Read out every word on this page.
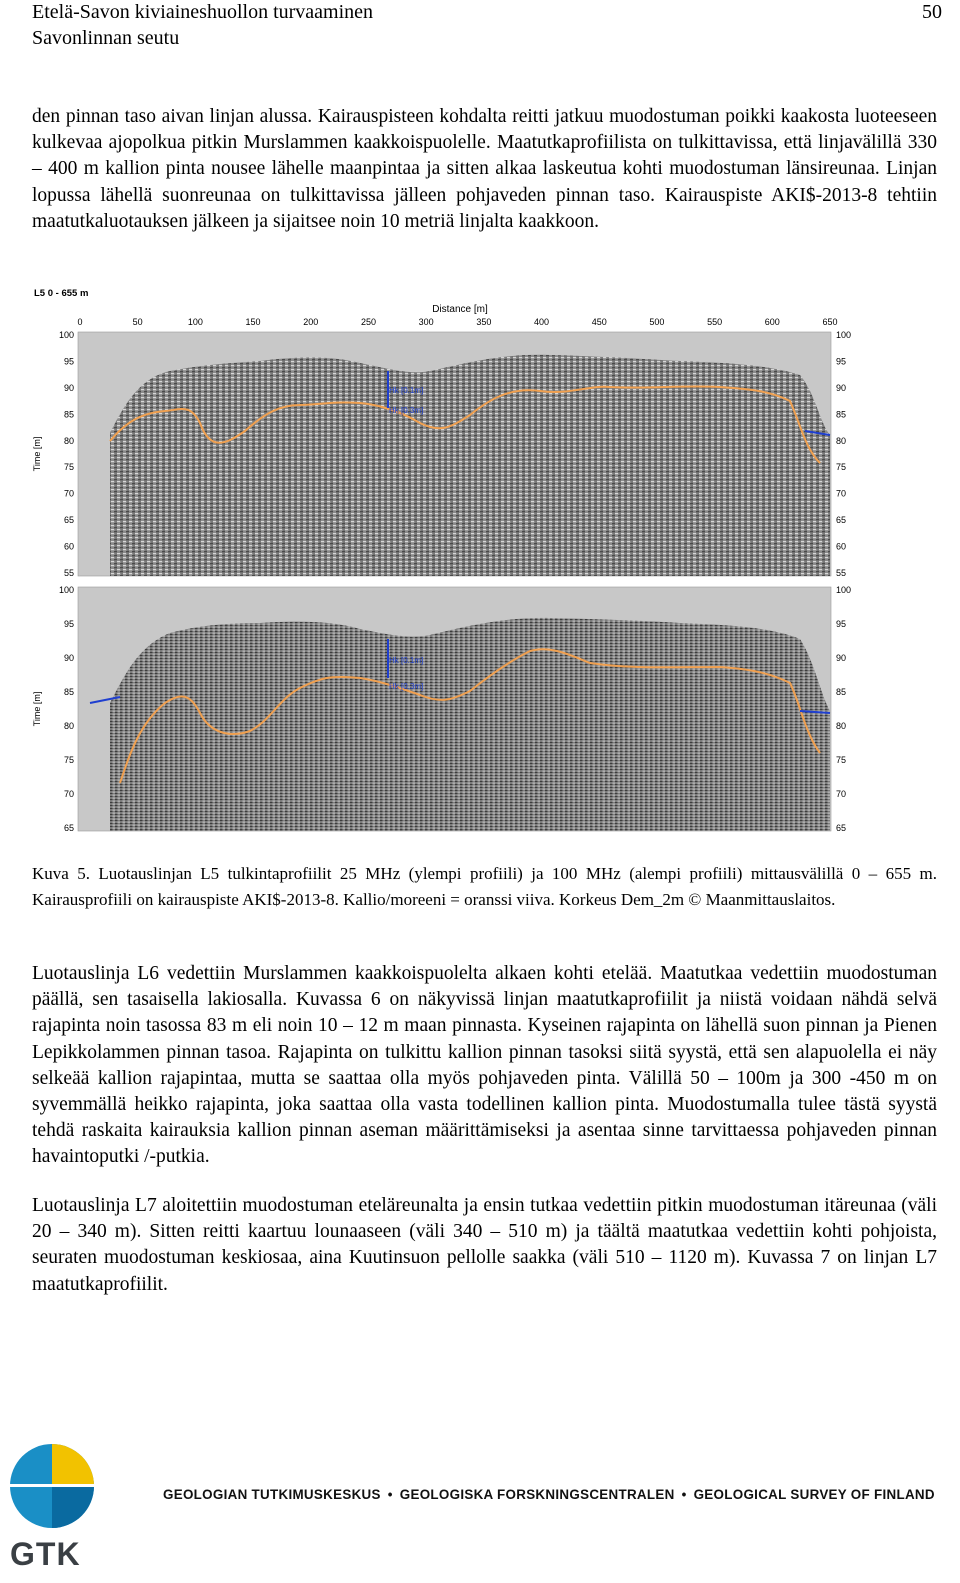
Etelä-Savon kiviaineshuollon turvaaminen
Savonlinnan seutu
50

den pinnan taso aivan linjan alussa. Kairauspisteen kohdalta reitti jatkuu muodostuman poikki kaakosta luoteeseen kulkevaa ajopolkua pitkin Murslammen kaakkoispuolelle. Maatutkaprofiilista on tulkittavissa, että linjavälillä 330 – 400 m kallion pinta nousee lähelle maanpintaa ja sitten alkaa laskeutua kohti muodostuman länsireunaa. Linjan lopussa lähellä suonreunaa on tulkittavissa jälleen pohjaveden pinnan taso. Kairauspiste AKI$-2013-8 tehtiin maatutkaluotauksen jälkeen ja sijaitsee noin 10 metriä linjalta kaakkoon.

L5 0 - 655 m
Distance [m]
0	50	100	150	200	250	300	350	400	450	500	550	600	650
Hk [0.1m]
Hk [0.3m]
Time [m]
100	100
95	95
90	90
85	85
80	80
75	75
70	70
65	65
60	60
55	55
Hk [0.1m]
Hk [0.3m]
Time [m]
100	100
95	95
90	90
85	85
80	80
75	75
70	70
65	65

Kuva 5. Luotauslinjan L5 tulkintaprofiilit 25 MHz (ylempi profiili) ja 100 MHz (alempi profiili) mittausvälillä 0 – 655 m. Kairausprofiili on kairauspiste AKI$-2013-8. Kallio/moreeni = oranssi viiva. Korkeus Dem_2m © Maanmittauslaitos.

Luotauslinja L6 vedettiin Murslammen kaakkoispuolelta alkaen kohti etelää. Maatutkaa vedettiin muodostuman päällä, sen tasaisella lakiosalla. Kuvassa 6 on näkyvissä linjan maatutkaprofiilit ja niistä voidaan nähdä selvä rajapinta noin tasossa 83 m eli noin 10 – 12 m maan pinnasta. Kyseinen rajapinta on lähellä suon pinnan ja Pienen Lepikkolammen pinnan tasoa. Rajapinta on tulkittu kallion pinnan tasoksi siitä syystä, että sen alapuolella ei näy selkeää kallion rajapintaa, mutta se saattaa olla myös pohjaveden pinta. Välillä 50 – 100m ja 300 -450 m on syvemmällä heikko rajapinta, joka saattaa olla vasta todellinen kallion pinta. Muodostumalla tulee tästä syystä tehdä raskaita kairauksia kallion pinnan aseman määrittämiseksi ja asentaa sinne tarvittaessa pohjaveden pinnan havaintoputki /-putkia.

Luotauslinja L7 aloitettiin muodostuman eteläreunalta ja ensin tutkaa vedettiin pitkin muodostuman itäreunaa (väli 20 – 340 m). Sitten reitti kaartuu lounaaseen (väli 340 – 510 m) ja täältä maatutkaa vedettiin kohti pohjoista, seuraten muodostuman keskiosaa, aina Kuutinsuon pellolle saakka (väli 510 – 1120 m). Kuvassa 7 on linjan L7 maatutkaprofiilit.

GTK
GEOLOGIAN TUTKIMUSKESKUS • GEOLOGISKA FORSKNINGSCENTRALEN • GEOLOGICAL SURVEY OF FINLAND
